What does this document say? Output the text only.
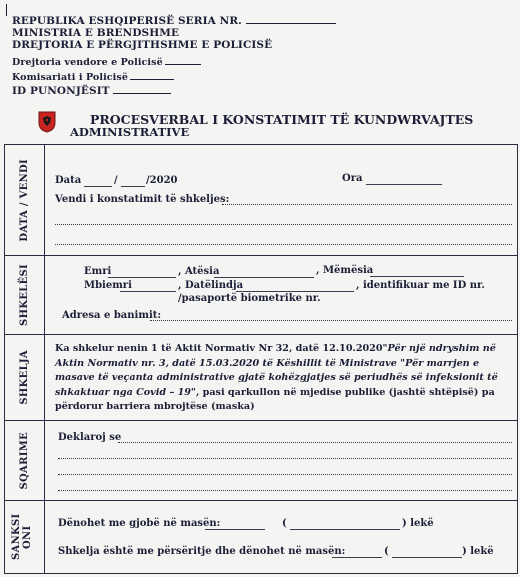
REPUBLIKA ESHQIPERISË SERIA NR.
MINISTRIA E BRENDSHME
DREJTORIA E PËRGJITHSHME E POLICISË
Drejtoria vendore e Policisë
Komisariati i Policisë
ID PUNONJËSIT
PROCESVERBAL I KONSTATIMIT TË KUNDWRVAJTES
ADMINISTRATIVE
DATA / VENDI	Data	/	/2020	Ora
Vendi i konstatimit të shkeljes:
SHKELËSI	Emri	, Atësia	, Mëmësia
Mbiemri	, Datëlindja	, identifikuar me ID nr.
/pasaportë biometrike nr.
Adresa e banimit:
SHKELJA
Ka shkelur nenin 1 të Aktit Normativ Nr 32, datë 12.10.2020"Për një ndryshim në Aktin Normativ nr. 3, datë 15.03.2020 të Këshillit të Ministrave "Për marrjen e masave të veçanta administrative gjatë kohëzgjatjes së periudhës së infeksionit të shkaktuar nga Covid – 19", pasi qarkullon në mjedise publike (jashtë shtëpisë) pa përdorur barriera mbrojtëse (maska)
SQARIME	Deklaroj se
SANKSI ONI
Dënohet me gjobë në masën:	(	) lekë
Shkelja është me përsëritje dhe dënohet në masën:	(	) lekë
